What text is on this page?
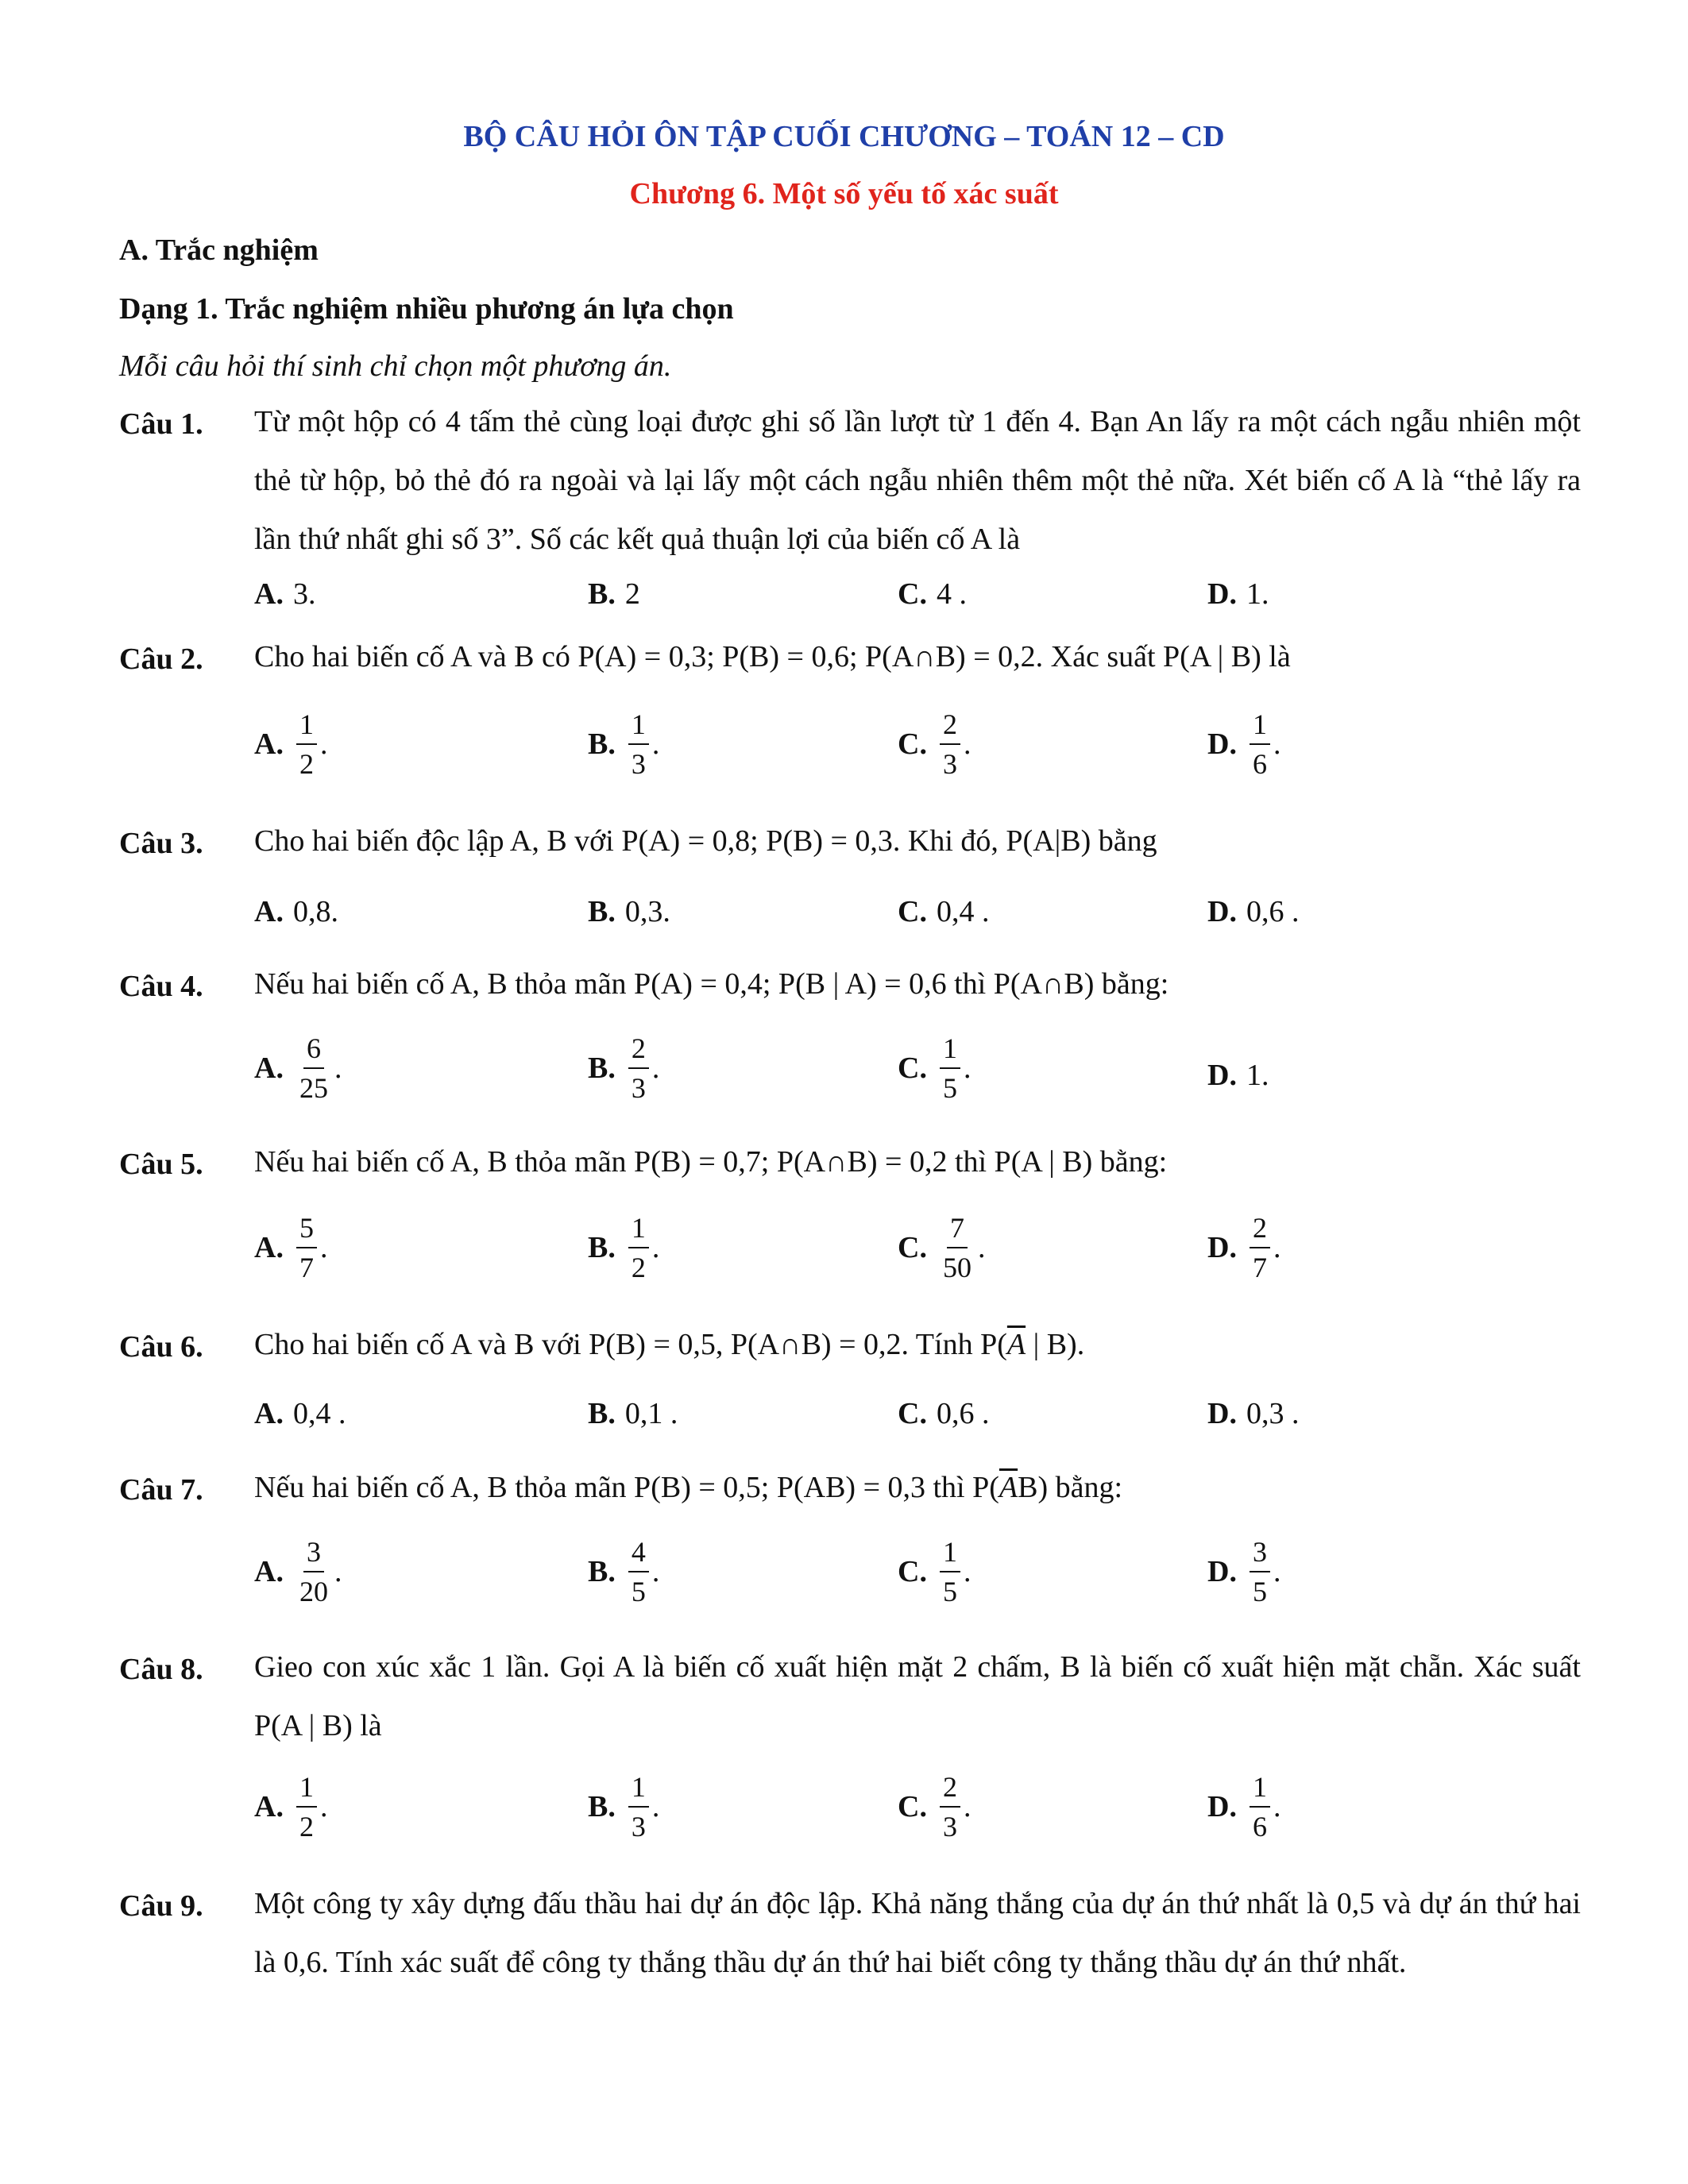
BỘ CÂU HỎI ÔN TẬP CUỐI CHƯƠNG – TOÁN 12 – CD
Chương 6. Một số yếu tố xác suất
A. Trắc nghiệm
Dạng 1. Trắc nghiệm nhiều phương án lựa chọn
Mỗi câu hỏi thí sinh chỉ chọn một phương án.
Câu 1. Từ một hộp có 4 tấm thẻ cùng loại được ghi số lần lượt từ 1 đến 4. Bạn An lấy ra một cách ngẫu nhiên một thẻ từ hộp, bỏ thẻ đó ra ngoài và lại lấy một cách ngẫu nhiên thêm một thẻ nữa. Xét biến cố A là “thẻ lấy ra lần thứ nhất ghi số 3”. Số các kết quả thuận lợi của biến cố A là
A. 3.	B. 2	C. 4 .	D. 1.
Câu 2. Cho hai biến cố A và B có P(A) = 0,3; P(B) = 0,6; P(A∩B) = 0,2. Xác suất P(A | B) là
A. $\frac{1}{2}$ .	B. $\frac{1}{3}$ .	C. $\frac{2}{3}$ .	D. $\frac{1}{6}$ .
Câu 3. Cho hai biến độc lập A, B với P(A) = 0,8; P(B) = 0,3. Khi đó, P(A|B) bằng
A. 0,8.	B. 0,3.	C. 0,4 .	D. 0,6 .
Câu 4. Nếu hai biến cố A, B thỏa mãn P(A) = 0,4; P(B | A) = 0,6 thì P(A∩B) bằng:
A. $\frac{6}{25}$ .	B. $\frac{2}{3}$ .	C. $\frac{1}{5}$ .	D. 1.
Câu 5. Nếu hai biến cố A, B thỏa mãn P(B) = 0,7; P(A∩B) = 0,2 thì P(A | B) bằng:
A. $\frac{5}{7}$ .	B. $\frac{1}{2}$ .	C. $\frac{7}{50}$ .	D. $\frac{2}{7}$ .
Câu 6. Cho hai biến cố A và B với P(B) = 0,5, P(A∩B) = 0,2. Tính $P(\overline{A}$ | B).
A. 0,4 .	B. 0,1 .	C. 0,6 .	D. 0,3 .
Câu 7. Nếu hai biến cố A, B thỏa mãn P(B) = 0,5; P(AB) = 0,3 thì $P(\overline{A}B)$ bằng:
A. $\frac{3}{20}$ .	B. $\frac{4}{5}$ .	C. $\frac{1}{5}$ .	D. $\frac{3}{5}$ .
Câu 8. Gieo con xúc xắc 1 lần. Gọi A là biến cố xuất hiện mặt 2 chấm, B là biến cố xuất hiện mặt chẵn. Xác suất P(A | B) là
A. $\frac{1}{2}$ .	B. $\frac{1}{3}$ .	C. $\frac{2}{3}$ .	D. $\frac{1}{6}$ .
Câu 9. Một công ty xây dựng đấu thầu hai dự án độc lập. Khả năng thắng của dự án thứ nhất là 0,5 và dự án thứ hai là 0,6. Tính xác suất để công ty thắng thầu dự án thứ hai biết công ty thắng thầu dự án thứ nhất.
